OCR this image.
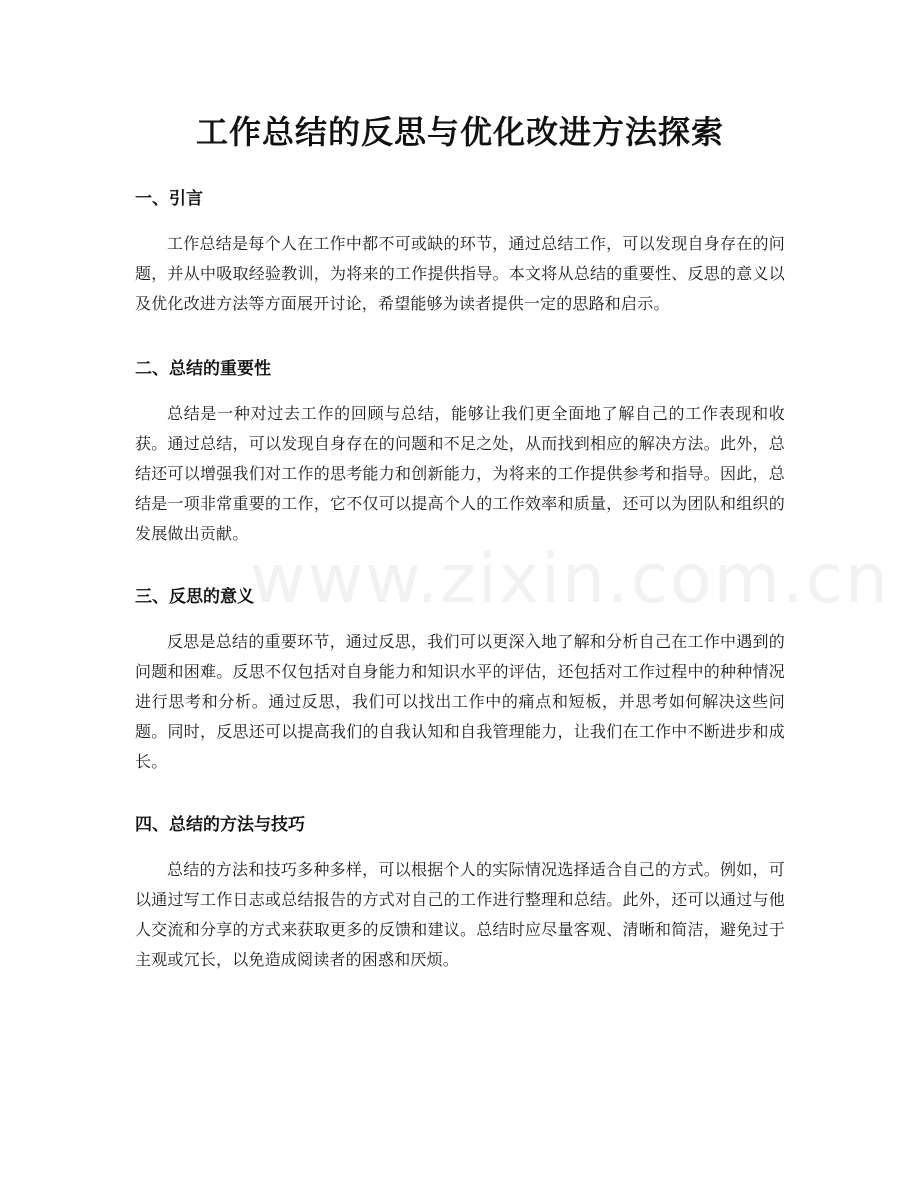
工作总结的反思与优化改进方法探索
一、引言

工作总结是每个人在工作中都不可或缺的环节，通过总结工作，可以发现自身存在的问题，并从中吸取经验教训，为将来的工作提供指导。本文将从总结的重要性、反思的意义以及优化改进方法等方面展开讨论，希望能够为读者提供一定的思路和启示。

二、总结的重要性

总结是一种对过去工作的回顾与总结，能够让我们更全面地了解自己的工作表现和收获。通过总结，可以发现自身存在的问题和不足之处，从而找到相应的解决方法。此外，总结还可以增强我们对工作的思考能力和创新能力，为将来的工作提供参考和指导。因此，总结是一项非常重要的工作，它不仅可以提高个人的工作效率和质量，还可以为团队和组织的发展做出贡献。

三、反思的意义

反思是总结的重要环节，通过反思，我们可以更深入地了解和分析自己在工作中遇到的问题和困难。反思不仅包括对自身能力和知识水平的评估，还包括对工作过程中的种种情况进行思考和分析。通过反思，我们可以找出工作中的痛点和短板，并思考如何解决这些问题。同时，反思还可以提高我们的自我认知和自我管理能力，让我们在工作中不断进步和成长。

四、总结的方法与技巧

总结的方法和技巧多种多样，可以根据个人的实际情况选择适合自己的方式。例如，可以通过写工作日志或总结报告的方式对自己的工作进行整理和总结。此外，还可以通过与他人交流和分享的方式来获取更多的反馈和建议。总结时应尽量客观、清晰和简洁，避免过于主观或冗长，以免造成阅读者的困惑和厌烦。

www.zixin.com.cn
